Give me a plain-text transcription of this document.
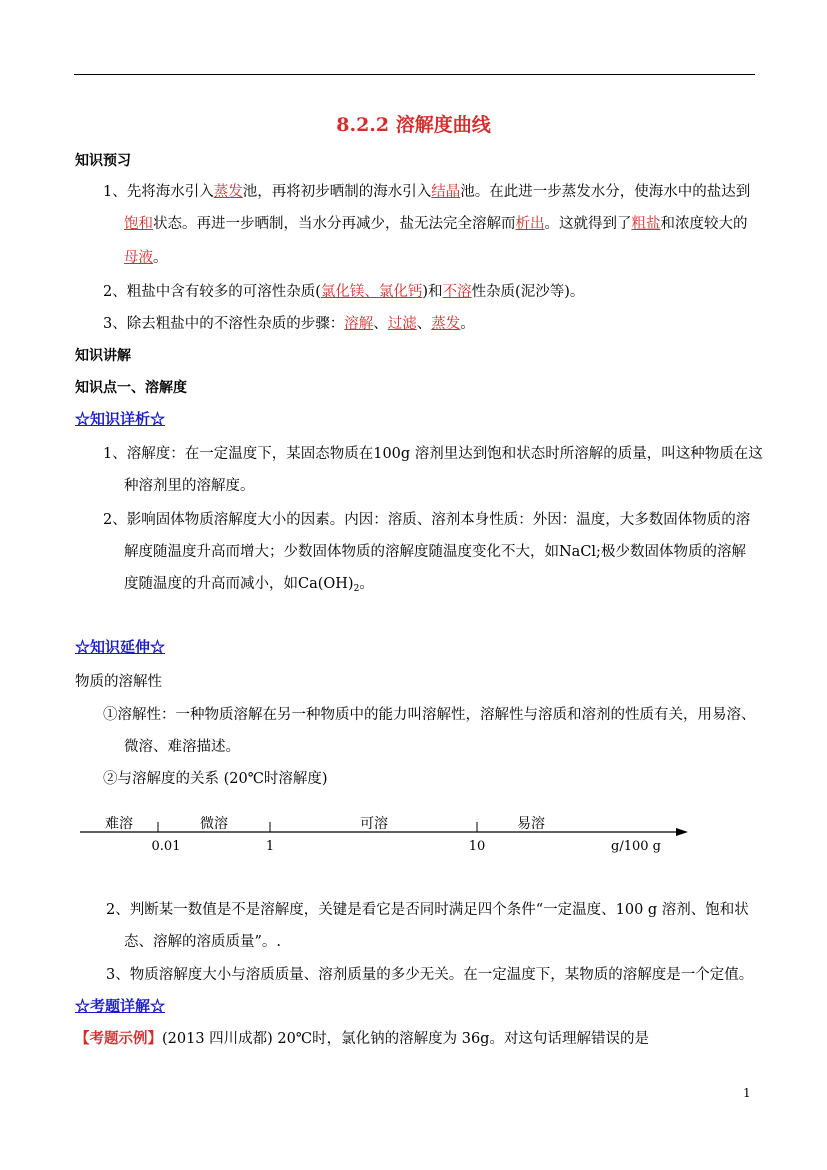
8.2.2 溶解度曲线
知识预习
1、先将海水引入蒸发池，再将初步晒制的海水引入结晶池。在此进一步蒸发水分，使海水中的盐达到
饱和状态。再进一步晒制，当水分再减少，盐无法完全溶解而析出。这就得到了粗盐和浓度较大的
母液。
2、粗盐中含有较多的可溶性杂质(氯化镁、氯化钙)和不溶性杂质(泥沙等)。
3、除去粗盐中的不溶性杂质的步骤：溶解、过滤、蒸发。
知识讲解
知识点一、溶解度
☆知识详析☆
1、溶解度：在一定温度下，某固态物质在100g 溶剂里达到饱和状态时所溶解的质量，叫这种物质在这
种溶剂里的溶解度。
2、影响固体物质溶解度大小的因素。内因：溶质、溶剂本身性质：外因：温度，大多数固体物质的溶
解度随温度升高而增大；少数固体物质的溶解度随温度变化不大，如NaCl;极少数固体物质的溶解
度随温度的升高而减小，如$Ca(OH)_2$。
☆知识延伸☆
物质的溶解性
①溶解性：一种物质溶解在另一种物质中的能力叫溶解性，溶解性与溶质和溶剂的性质有关，用易溶、
微溶、难溶描述。
②与溶解度的关系 (20℃时溶解度)
难溶	微溶	可溶	易溶
0.01	1	10	g/100 g
2、判断某一数值是不是溶解度，关键是看它是否同时满足四个条件“一定温度、100 g 溶剂、饱和状
态、溶解的溶质质量”。.
3、物质溶解度大小与溶质质量、溶剂质量的多少无关。在一定温度下，某物质的溶解度是一个定值。
☆考题详解☆
【考题示例】(2013 四川成都) 20℃时，氯化钠的溶解度为 36g。对这句话理解错误的是
1
